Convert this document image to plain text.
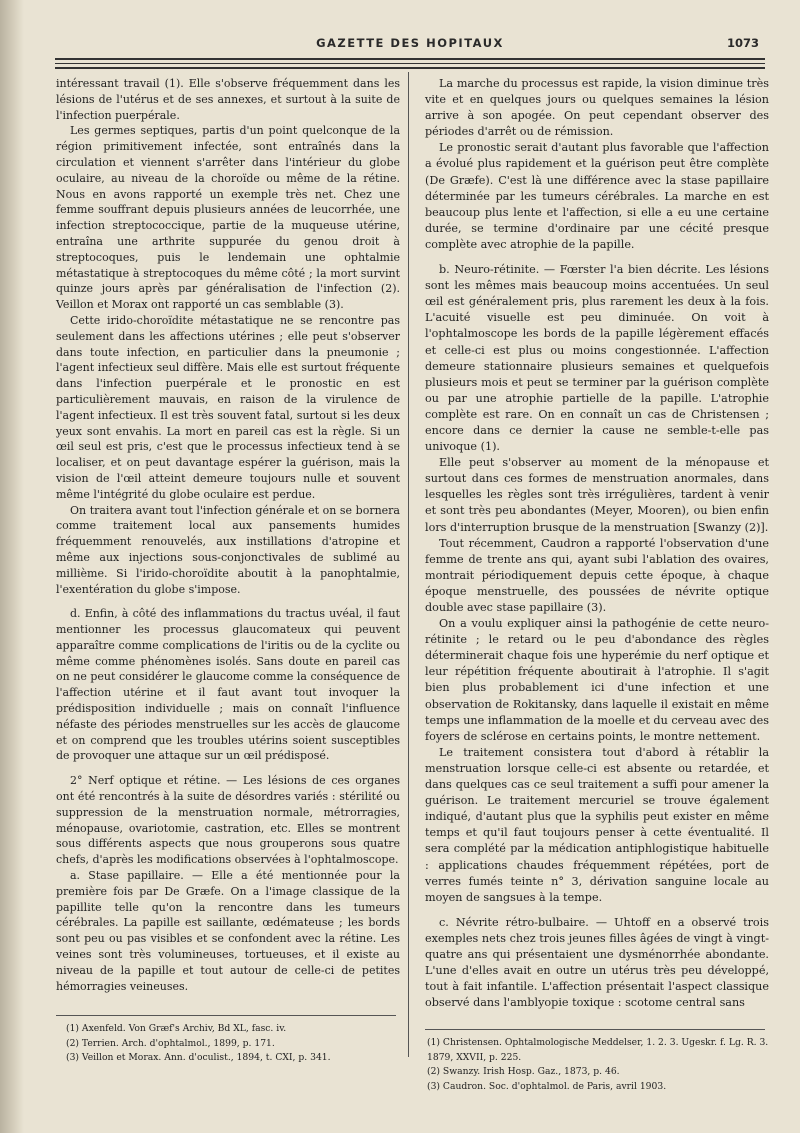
GAZETTE DES HOPITAUX	1073

intéressant travail (1). Elle s'observe fréquemment dans les lésions de l'utérus et de ses annexes, et surtout à la suite de l'infection puerpérale.

Les germes septiques, partis d'un point quelconque de la région primitivement infectée, sont entraînés dans la circulation et viennent s'arrêter dans l'intérieur du globe oculaire, au niveau de la choroïde ou même de la rétine. Nous en avons rapporté un exemple très net. Chez une femme souffrant depuis plusieurs années de leucorrhée, une infection streptococcique, partie de la muqueuse utérine, entraîna une arthrite suppurée du genou droit à streptocoques, puis le lendemain une ophtalmie métastatique à streptocoques du même côté ; la mort survint quinze jours après par généralisation de l'infection (2). Veillon et Morax ont rapporté un cas semblable (3).

Cette irido-choroïdite métastatique ne se rencontre pas seulement dans les affections utérines ; elle peut s'observer dans toute infection, en particulier dans la pneumonie ; l'agent infectieux seul diffère. Mais elle est surtout fréquente dans l'infection puerpérale et le pronostic en est particulièrement mauvais, en raison de la virulence de l'agent infectieux. Il est très souvent fatal, surtout si les deux yeux sont envahis. La mort en pareil cas est la règle. Si un œil seul est pris, c'est que le processus infectieux tend à se localiser, et on peut davantage espérer la guérison, mais la vision de l'œil atteint demeure toujours nulle et souvent même l'intégrité du globe oculaire est perdue.

On traitera avant tout l'infection générale et on se bornera comme traitement local aux pansements humides fréquemment renouvelés, aux instillations d'atropine et même aux injections sous-conjonctivales de sublimé au millième. Si l'irido-choroïdite aboutit à la panophtalmie, l'exentération du globe s'impose.

d. Enfin, à côté des inflammations du tractus uvéal, il faut mentionner les processus glaucomateux qui peuvent apparaître comme complications de l'iritis ou de la cyclite ou même comme phénomènes isolés. Sans doute en pareil cas on ne peut considérer le glaucome comme la conséquence de l'affection utérine et il faut avant tout invoquer la prédisposition individuelle ; mais on connaît l'influence néfaste des périodes menstruelles sur les accès de glaucome et on comprend que les troubles utérins soient susceptibles de provoquer une attaque sur un œil prédisposé.

2° Nerf optique et rétine. — Les lésions de ces organes ont été rencontrés à la suite de désordres variés : stérilité ou suppression de la menstruation normale, métrorragies, ménopause, ovariotomie, castration, etc. Elles se montrent sous différents aspects que nous grouperons sous quatre chefs, d'après les modifications observées à l'ophtalmoscope.

a. Stase papillaire. — Elle a été mentionnée pour la première fois par De Græfe. On a l'image classique de la papillite telle qu'on la rencontre dans les tumeurs cérébrales. La papille est saillante, œdémateuse ; les bords sont peu ou pas visibles et se confondent avec la rétine. Les veines sont très volumineuses, tortueuses, et il existe au niveau de la papille et tout autour de celle-ci de petites hémorragies veineuses.

(1) Axenfeld. Von Græf's Archiv, Bd XL, fasc. iv.
(2) Terrien. Arch. d'ophtalmol., 1899, p. 171.
(3) Veillon et Morax. Ann. d'oculist., 1894, t. CXI, p. 341.

La marche du processus est rapide, la vision diminue très vite et en quelques jours ou quelques semaines la lésion arrive à son apogée. On peut cependant observer des périodes d'arrêt ou de rémission.

Le pronostic serait d'autant plus favorable que l'affection a évolué plus rapidement et la guérison peut être complète (De Græfe). C'est là une différence avec la stase papillaire déterminée par les tumeurs cérébrales. La marche en est beaucoup plus lente et l'affection, si elle a eu une certaine durée, se termine d'ordinaire par une cécité presque complète avec atrophie de la papille.

b. Neuro-rétinite. — Fœrster l'a bien décrite. Les lésions sont les mêmes mais beaucoup moins accentuées. Un seul œil est généralement pris, plus rarement les deux à la fois. L'acuité visuelle est peu diminuée. On voit à l'ophtalmoscope les bords de la papille légèrement effacés et celle-ci est plus ou moins congestionnée. L'affection demeure stationnaire plusieurs semaines et quelquefois plusieurs mois et peut se terminer par la guérison complète ou par une atrophie partielle de la papille. L'atrophie complète est rare. On en connaît un cas de Christensen ; encore dans ce dernier la cause ne semble-t-elle pas univoque (1).

Elle peut s'observer au moment de la ménopause et surtout dans ces formes de menstruation anormales, dans lesquelles les règles sont très irrégulières, tardent à venir et sont très peu abondantes (Meyer, Mooren), ou bien enfin lors d'interruption brusque de la menstruation [Swanzy (2)].

Tout récemment, Caudron a rapporté l'observation d'une femme de trente ans qui, ayant subi l'ablation des ovaires, montrait périodiquement depuis cette époque, à chaque époque menstruelle, des poussées de névrite optique double avec stase papillaire (3).

On a voulu expliquer ainsi la pathogénie de cette neuro-rétinite ; le retard ou le peu d'abondance des règles déterminerait chaque fois une hyperémie du nerf optique et leur répétition fréquente aboutirait à l'atrophie. Il s'agit bien plus probablement ici d'une infection et une observation de Rokitansky, dans laquelle il existait en même temps une inflammation de la moelle et du cerveau avec des foyers de sclérose en certains points, le montre nettement.

Le traitement consistera tout d'abord à rétablir la menstruation lorsque celle-ci est absente ou retardée, et dans quelques cas ce seul traitement a suffi pour amener la guérison. Le traitement mercuriel se trouve également indiqué, d'autant plus que la syphilis peut exister en même temps et qu'il faut toujours penser à cette éventualité. Il sera complété par la médication antiphlogistique habituelle : applications chaudes fréquemment répétées, port de verres fumés teinte n° 3, dérivation sanguine locale au moyen de sangsues à la tempe.

c. Névrite rétro-bulbaire. — Uhtoff en a observé trois exemples nets chez trois jeunes filles âgées de vingt à vingt-quatre ans qui présentaient une dysménorrhée abondante. L'une d'elles avait en outre un utérus très peu développé, tout à fait infantile. L'affection présentait l'aspect classique observé dans l'amblyopie toxique : scotome central sans

(1) Christensen. Ophtalmologische Meddelser, 1. 2. 3. Ugeskr. f. Lg. R. 3. 1879, XXVII, p. 225.
(2) Swanzy. Irish Hosp. Gaz., 1873, p. 46.
(3) Caudron. Soc. d'ophtalmol. de Paris, avril 1903.
